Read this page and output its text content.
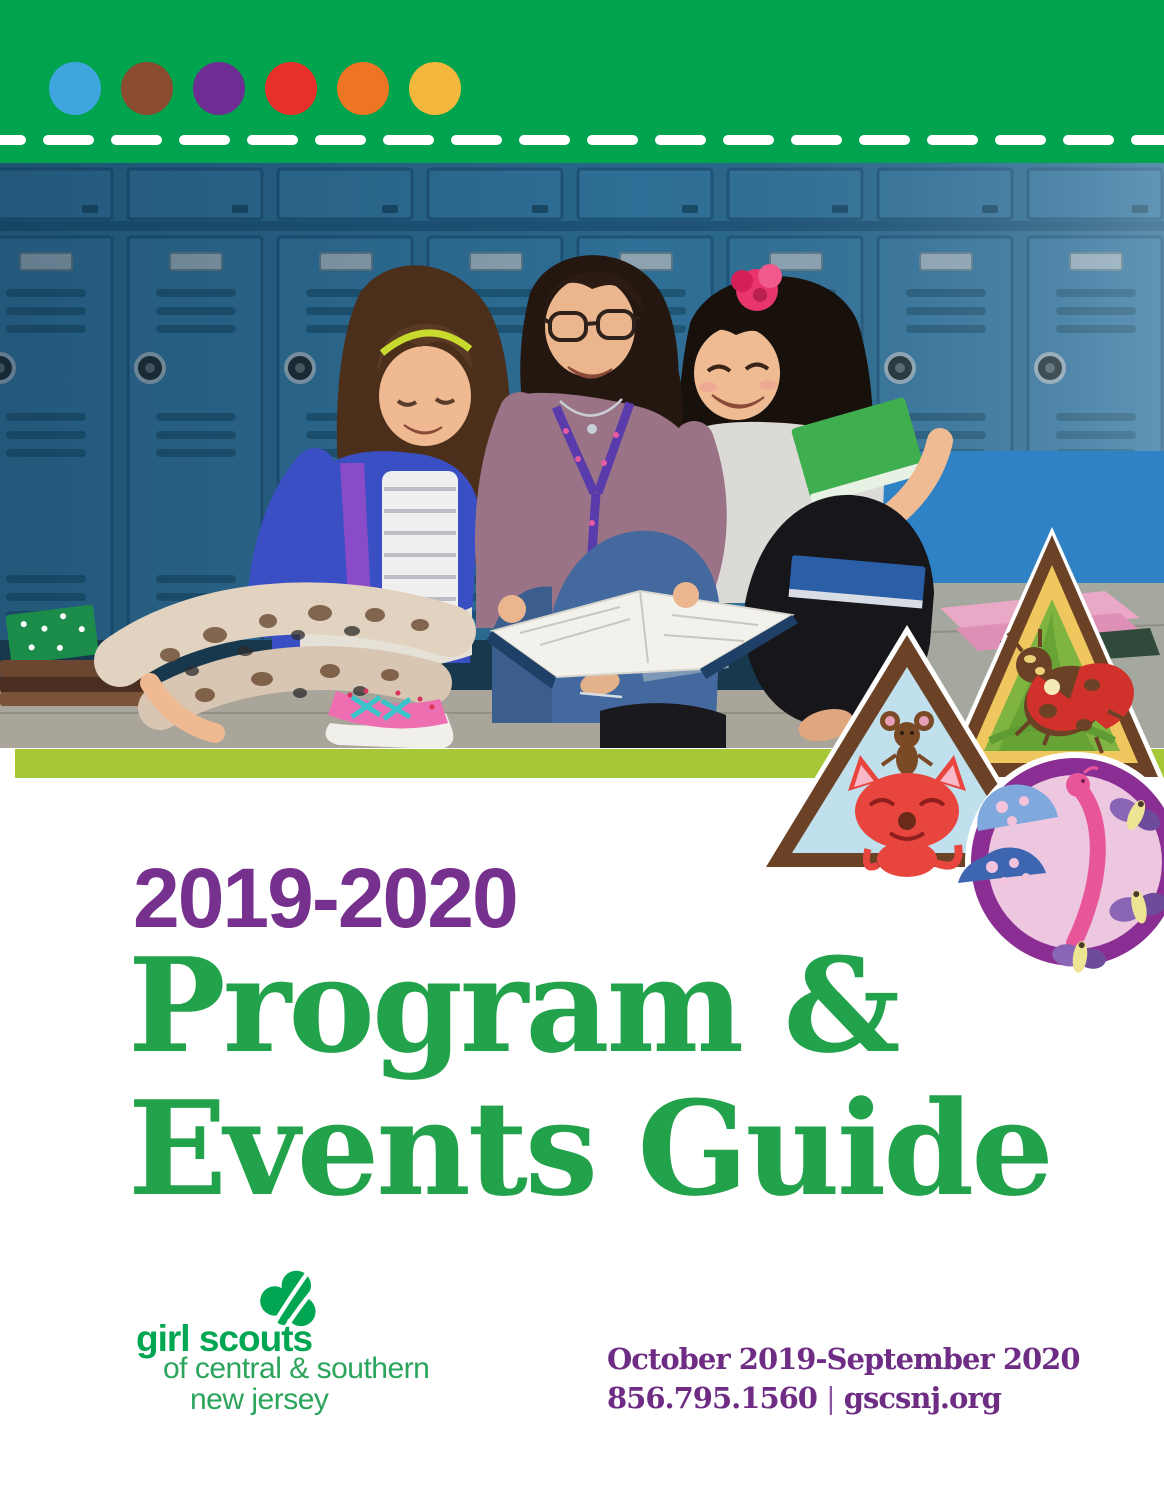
2019-2020
Program &
Events Guide
girl scouts
of central & southern
new jersey
October 2019-September 2020
856.795.1560 | gscsnj.org
